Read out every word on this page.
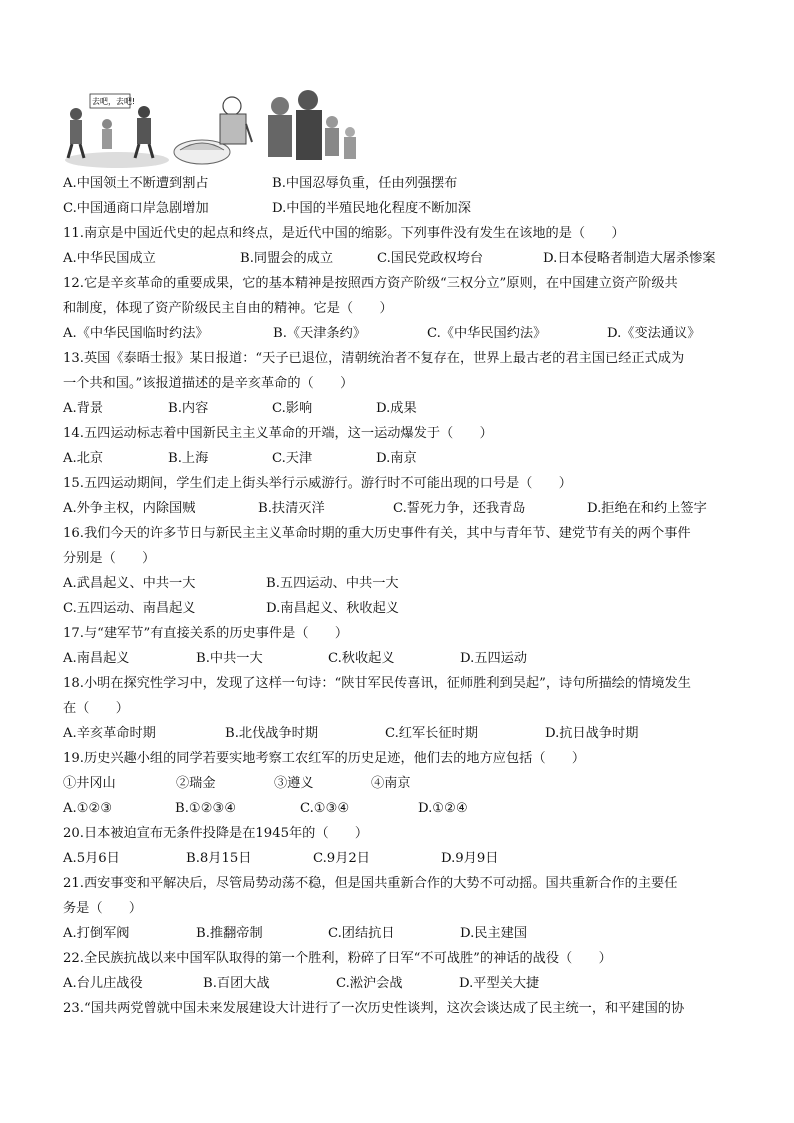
去吧，去吧!
A.中国领土不断遭到割占	B.中国忍辱负重，任由列强摆布
C.中国通商口岸急剧增加	D.中国的半殖民地化程度不断加深
11.南京是中国近代史的起点和终点，是近代中国的缩影。下列事件没有发生在该地的是（　　）
A.中华民国成立	B.同盟会的成立	C.国民党政权垮台	D.日本侵略者制造大屠杀惨案
12.它是辛亥革命的重要成果，它的基本精神是按照西方资产阶级“三权分立”原则，在中国建立资产阶级共
和制度，体现了资产阶级民主自由的精神。它是（　　）
A.《中华民国临时约法》	B.《天津条约》	C.《中华民国约法》	D.《变法通议》
13.英国《泰晤士报》某日报道：“天子已退位，清朝统治者不复存在，世界上最古老的君主国已经正式成为
一个共和国。”该报道描述的是辛亥革命的（　　）
A.背景	B.内容	C.影响	D.成果
14.五四运动标志着中国新民主主义革命的开端，这一运动爆发于（　　）
A.北京	B.上海	C.天津	D.南京
15.五四运动期间，学生们走上街头举行示威游行。游行时不可能出现的口号是（　　）
A.外争主权，内除国贼	B.扶清灭洋	C.誓死力争，还我青岛	D.拒绝在和约上签字
16.我们今天的许多节日与新民主主义革命时期的重大历史事件有关，其中与青年节、建党节有关的两个事件
分别是（　　）
A.武昌起义、中共一大	B.五四运动、中共一大
C.五四运动、南昌起义	D.南昌起义、秋收起义
17.与“建军节”有直接关系的历史事件是（　　）
A.南昌起义	B.中共一大	C.秋收起义	D.五四运动
18.小明在探究性学习中，发现了这样一句诗：“陕甘军民传喜讯，征师胜利到吴起”，诗句所描绘的情境发生
在（　　）
A.辛亥革命时期	B.北伐战争时期	C.红军长征时期	D.抗日战争时期
19.历史兴趣小组的同学若要实地考察工农红军的历史足迹，他们去的地方应包括（　　）
①井冈山	②瑞金	③遵义	④南京
A.①②③	B.①②③④	C.①③④	D.①②④
20.日本被迫宣布无条件投降是在1945年的（　　）
A.5月6日	B.8月15日	C.9月2日	D.9月9日
21.西安事变和平解决后，尽管局势动荡不稳，但是国共重新合作的大势不可动摇。国共重新合作的主要任
务是（　　）
A.打倒军阀	B.推翻帝制	C.团结抗日	D.民主建国
22.全民族抗战以来中国军队取得的第一个胜利，粉碎了日军“不可战胜”的神话的战役（　　）
A.台儿庄战役	B.百团大战	C.淞沪会战	D.平型关大捷
23.“国共两党曾就中国未来发展建设大计进行了一次历史性谈判，这次会谈达成了民主统一，和平建国的协
